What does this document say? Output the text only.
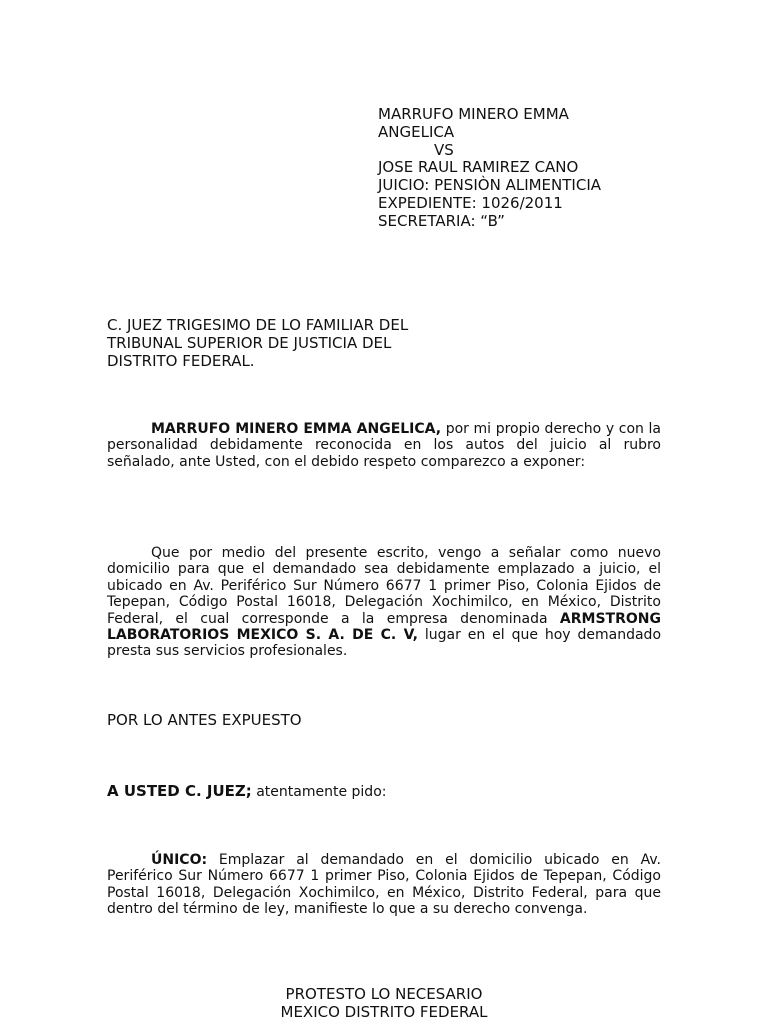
MARRUFO MINERO EMMA
ANGELICA
VS
JOSE RAUL RAMIREZ CANO
JUICIO: PENSIÒN ALIMENTICIA
EXPEDIENTE: 1026/2011
SECRETARIA: “B”
C. JUEZ TRIGESIMO DE LO FAMILIAR DEL
TRIBUNAL SUPERIOR DE JUSTICIA DEL
DISTRITO FEDERAL.
MARRUFO MINERO EMMA ANGELICA, por mi propio derecho y con la personalidad debidamente reconocida en los autos del juicio al rubro señalado, ante Usted, con el debido respeto comparezco a exponer:
Que por medio del presente escrito, vengo a señalar como nuevo domicilio para que el demandado sea debidamente emplazado a juicio, el ubicado en Av. Periférico Sur Número 6677 1 primer Piso, Colonia Ejidos de Tepepan, Código Postal 16018, Delegación Xochimilco, en México, Distrito Federal, el cual corresponde a la empresa denominada ARMSTRONG LABORATORIOS MEXICO S. A. DE C. V, lugar en el que hoy demandado presta sus servicios profesionales.
POR LO ANTES EXPUESTO
A USTED C. JUEZ; atentamente pido:
ÚNICO: Emplazar al demandado en el domicilio ubicado en Av. Periférico Sur Número 6677 1 primer Piso, Colonia Ejidos de Tepepan, Código Postal 16018, Delegación Xochimilco, en México, Distrito Federal, para que dentro del término de ley, manifieste lo que a su derecho convenga.
PROTESTO LO NECESARIO
MEXICO DISTRITO FEDERAL
